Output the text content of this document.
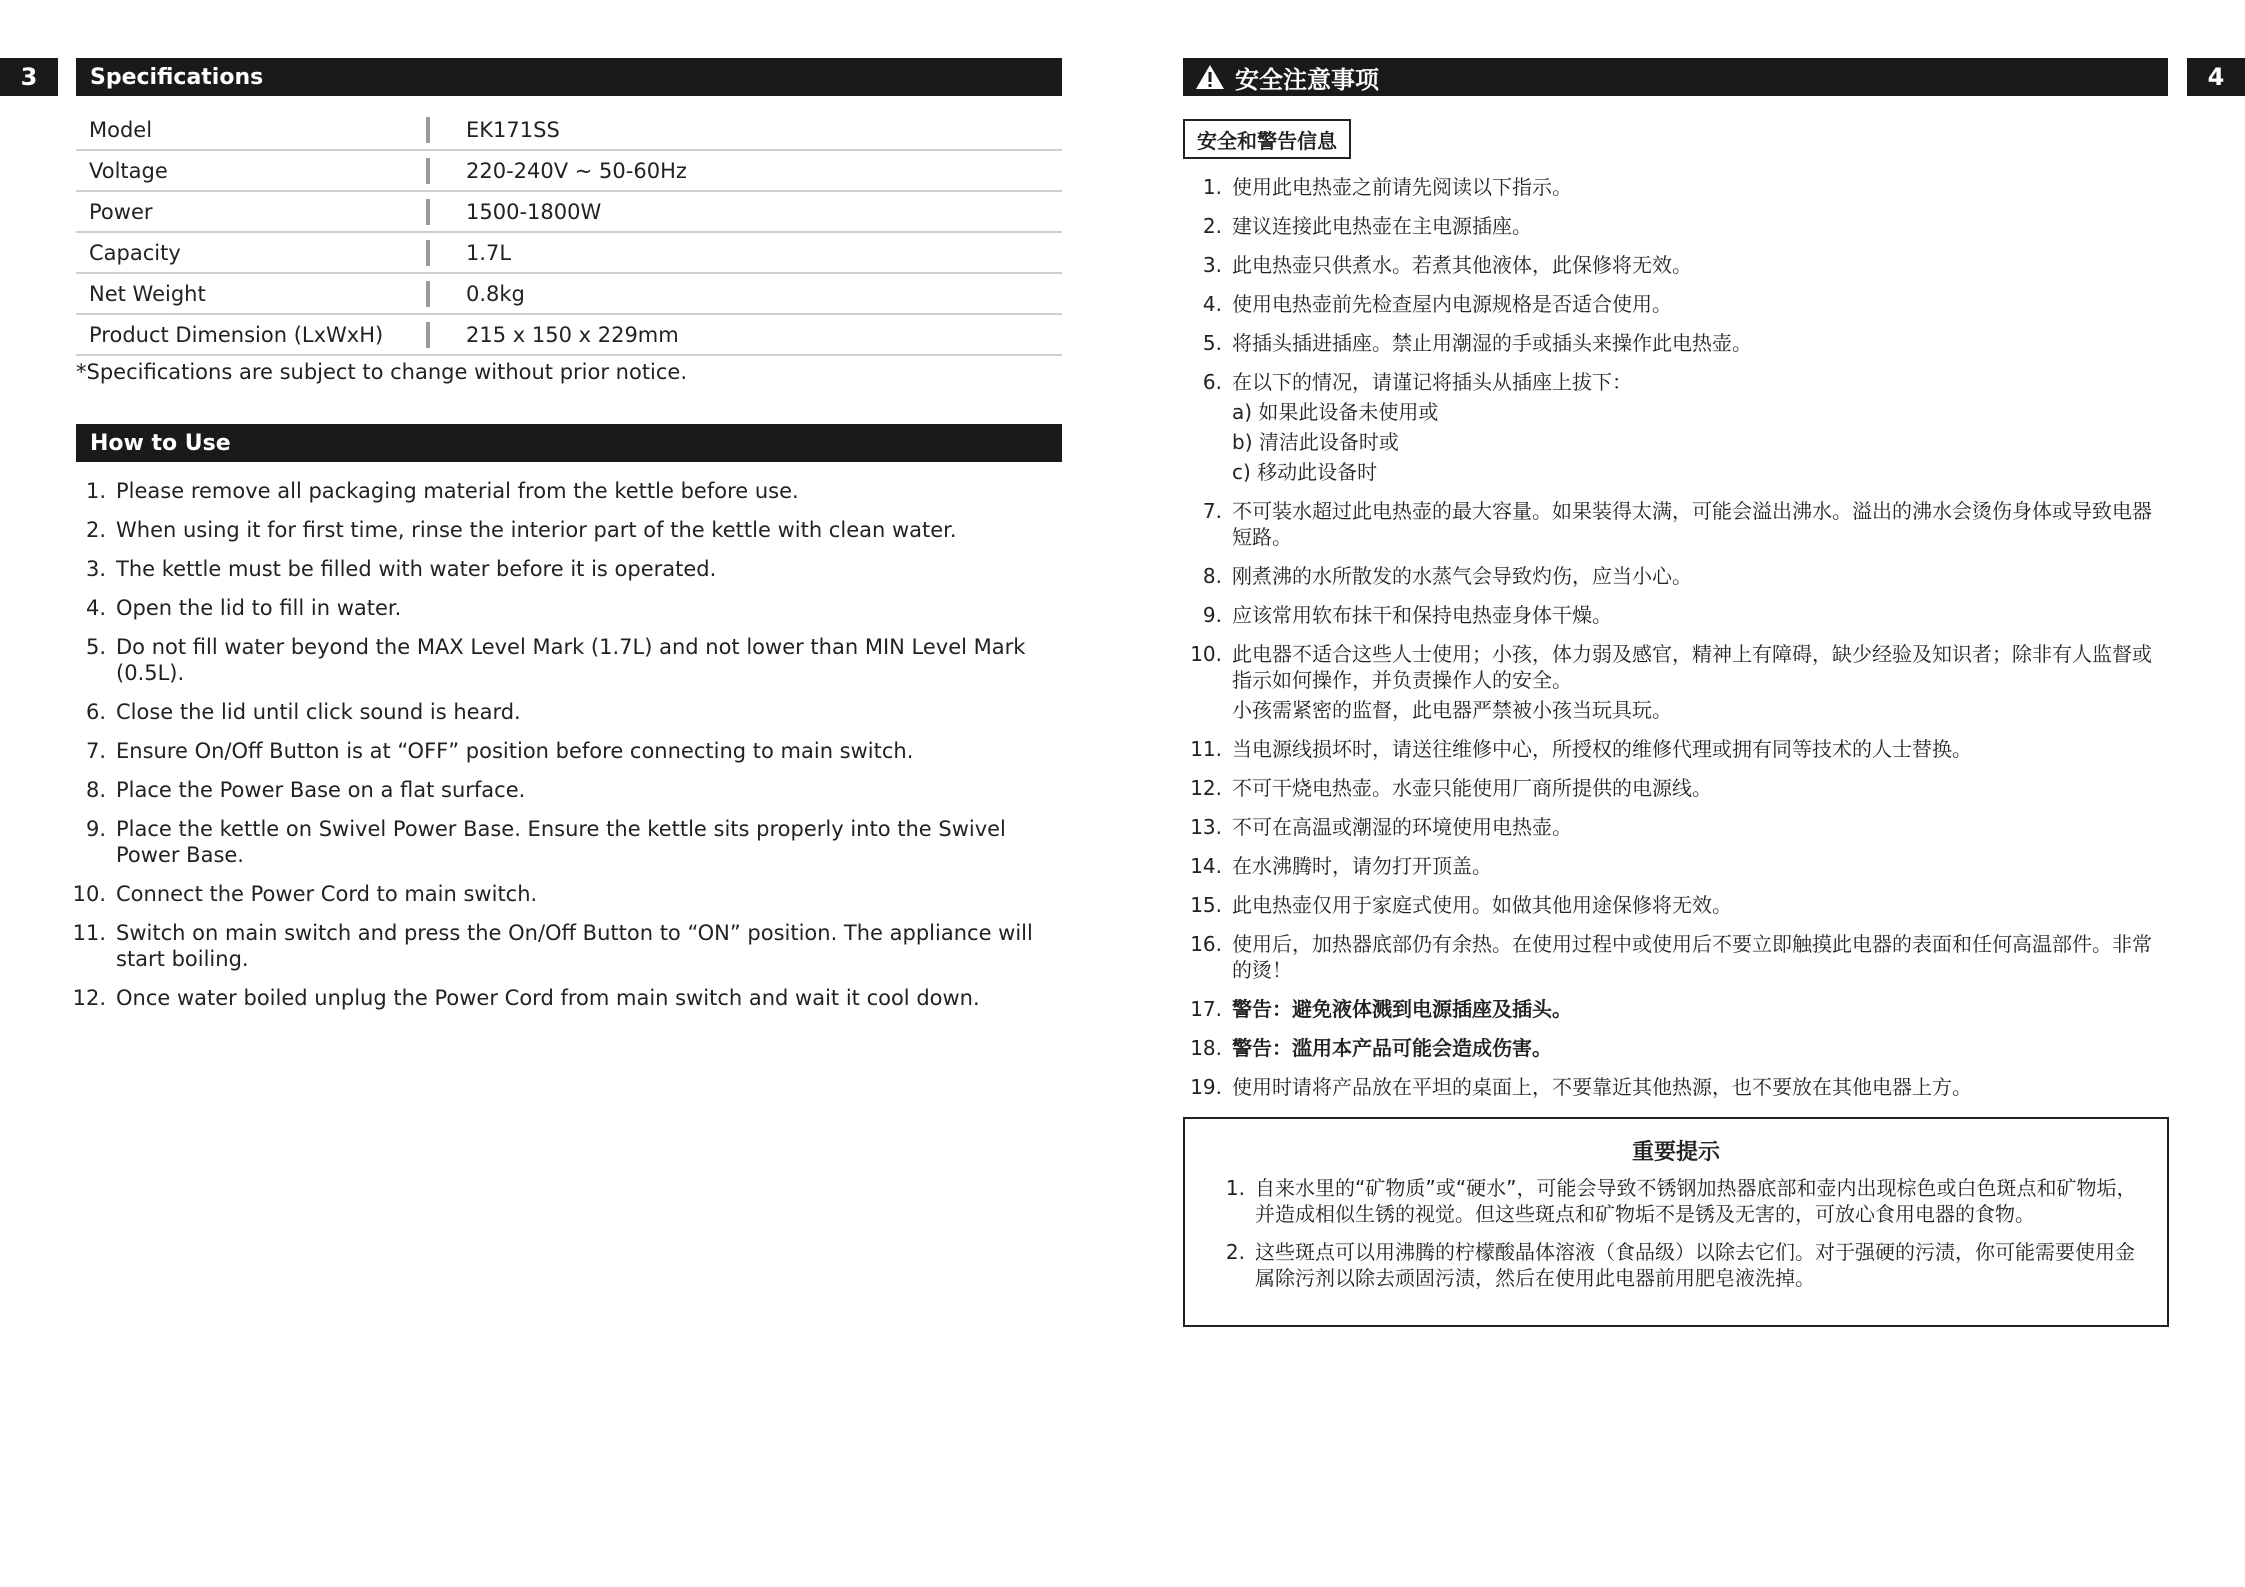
3	Specifications
Model	EK171SS
Voltage	220-240V ~ 50-60Hz
Power	1500-1800W
Capacity	1.7L
Net Weight	0.8kg
Product Dimension (LxWxH)	215 x 150 x 229mm
*Specifications are subject to change without prior notice.
How to Use
1. Please remove all packaging material from the kettle before use.
2. When using it for first time, rinse the interior part of the kettle with clean water.
3. The kettle must be filled with water before it is operated.
4. Open the lid to fill in water.
5. Do not fill water beyond the MAX Level Mark (1.7L) and not lower than MIN Level Mark (0.5L).
6. Close the lid until click sound is heard.
7. Ensure On/Off Button is at “OFF” position before connecting to main switch.
8. Place the Power Base on a flat surface.
9. Place the kettle on Swivel Power Base. Ensure the kettle sits properly into the Swivel Power Base.
10. Connect the Power Cord to main switch.
11. Switch on main switch and press the On/Off Button to “ON” position. The appliance will start boiling.
12. Once water boiled unplug the Power Cord from main switch and wait it cool down.
安全注意事项	4
安全和警告信息
1. 使用此电热壶之前请先阅读以下指示。
2. 建议连接此电热壶在主电源插座。
3. 此电热壶只供煮水。若煮其他液体，此保修将无效。
4. 使用电热壶前先检查屋内电源规格是否适合使用。
5. 将插头插进插座。禁止用潮湿的手或插头来操作此电热壶。
6. 在以下的情况，请谨记将插头从插座上拔下：
a) 如果此设备未使用或
b) 清洁此设备时或
c) 移动此设备时
7. 不可装水超过此电热壶的最大容量。如果装得太满，可能会溢出沸水。溢出的沸水会烫伤身体或导致电器短路。
8. 刚煮沸的水所散发的水蒸气会导致灼伤，应当小心。
9. 应该常用软布抹干和保持电热壶身体干燥。
10. 此电器不适合这些人士使用；小孩，体力弱及感官，精神上有障碍，缺少经验及知识者；除非有人监督或指示如何操作，并负责操作人的安全。
小孩需紧密的监督，此电器严禁被小孩当玩具玩。
11. 当电源线损坏时，请送往维修中心，所授权的维修代理或拥有同等技术的人士替换。
12. 不可干烧电热壶。水壶只能使用厂商所提供的电源线。
13. 不可在高温或潮湿的环境使用电热壶。
14. 在水沸腾时，请勿打开顶盖。
15. 此电热壶仅用于家庭式使用。如做其他用途保修将无效。
16. 使用后，加热器底部仍有余热。在使用过程中或使用后不要立即触摸此电器的表面和任何高温部件。非常的烫！
17. 警告：避免液体溅到电源插座及插头。
18. 警告：滥用本产品可能会造成伤害。
19. 使用时请将产品放在平坦的桌面上，不要靠近其他热源，也不要放在其他电器上方。
重要提示
1. 自来水里的“矿物质”或“硬水”，可能会导致不锈钢加热器底部和壶内出现棕色或白色斑点和矿物垢，并造成相似生锈的视觉。但这些斑点和矿物垢不是锈及无害的，可放心食用电器的食物。
2. 这些斑点可以用沸腾的柠檬酸晶体溶液（食品级）以除去它们。对于强硬的污渍，你可能需要使用金属除污剂以除去顽固污渍，然后在使用此电器前用肥皂液洗掉。
